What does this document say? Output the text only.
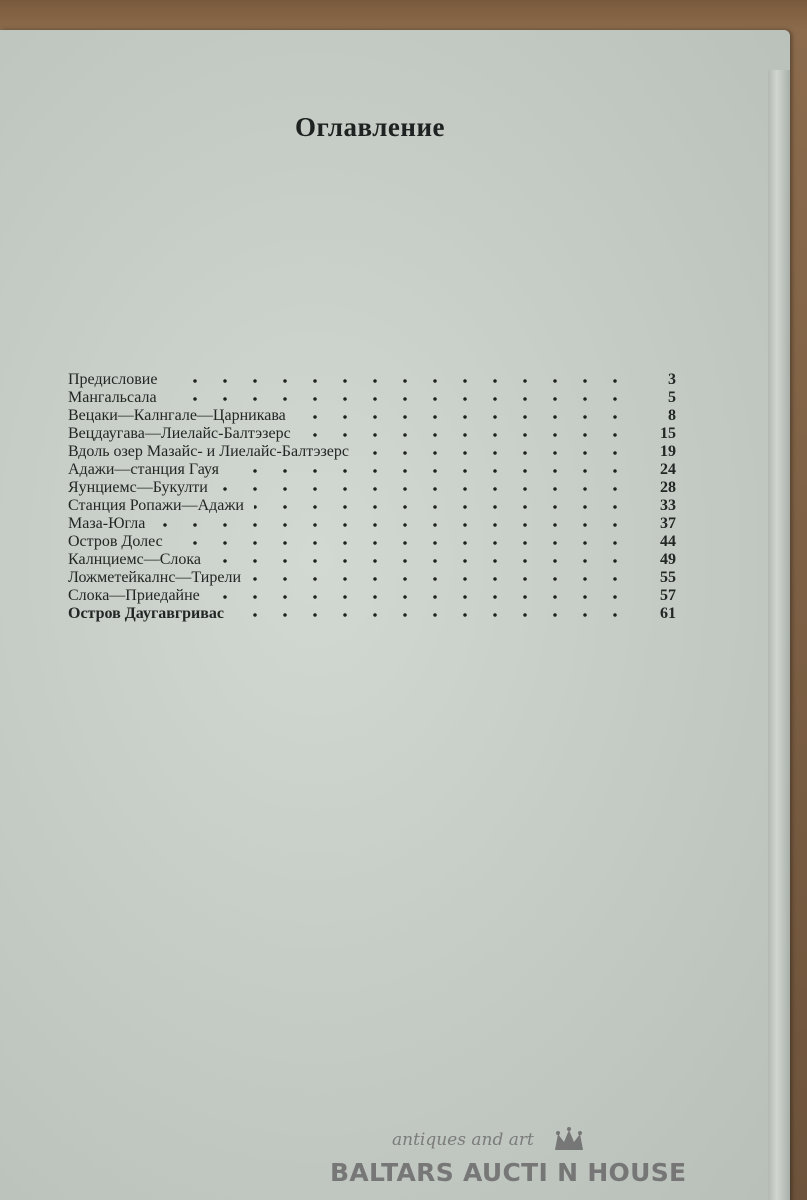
Оглавление
Предисловие	3
Мангальсала	5
Вецаки—Калнгале—Царникава	8
Вецдаугава—Лиелайс-Балтэзерс	15
Вдоль озер Мазайс- и Лиелайс-Балтэзерс	19
Адажи—станция Гауя	24
Яунциемс—Букулти	28
Станция Ропажи—Адажи	33
Маза-Югла	37
Остров Долес	44
Калнциемс—Слока	49
Ложметейкалнс—Тирели	55
Слока—Приедайне	57
Остров Даугавгривас	61
antiques and art
BALTARS AUCTI N HOUSE
